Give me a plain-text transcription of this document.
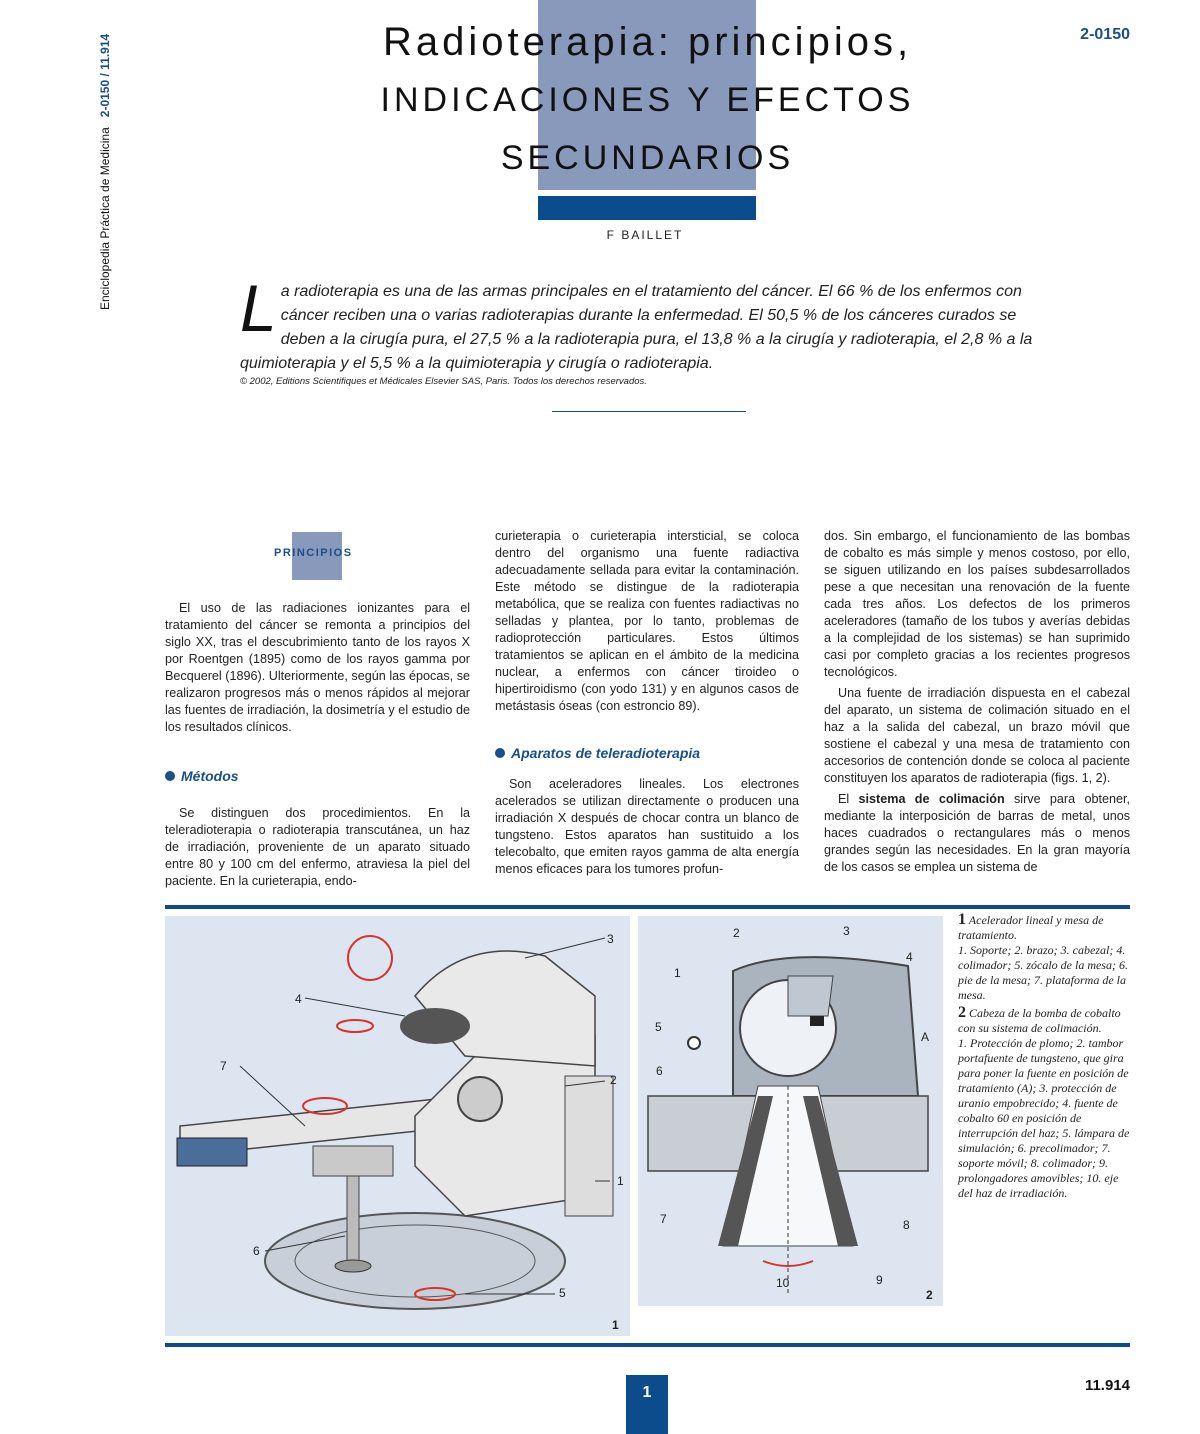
Enciclopedia Práctica de Medicina   2-0150 / 11.914	Radioterapia: principios,
INDICACIONES Y EFECTOS
SECUNDARIOS
2-0150
F BAILLET
L a radioterapia es una de las armas principales en el tratamiento del cáncer. El 66 % de los enfermos con cáncer reciben una o varias radioterapias durante la enfermedad. El 50,5 % de los cánceres curados se deben a la cirugía pura, el 27,5 % a la radioterapia pura, el 13,8 % a la cirugía y radioterapia, el 2,8 % a la quimioterapia y el 5,5 % a la quimioterapia y cirugía o radioterapia.
© 2002, Editions Scientifiques et Médicales Elsevier SAS, Paris. Todos los derechos reservados.
PRINCIPIOS

El uso de las radiaciones ionizantes para el tratamiento del cáncer se remonta a principios del siglo XX, tras el descubrimiento tanto de los rayos X por Roentgen (1895) como de los rayos gamma por Becquerel (1896). Ulteriormente, según las épocas, se realizaron progresos más o menos rápidos al mejorar las fuentes de irradiación, la dosimetría y el estudio de los resultados clínicos.

Métodos

Se distinguen dos procedimientos. En la teleradioterapia o radioterapia transcutánea, un haz de irradiación, proveniente de un aparato situado entre 80 y 100 cm del enfermo, atraviesa la piel del paciente. En la curieterapia, endo-

curieterapia o curieterapia intersticial, se coloca dentro del organismo una fuente radiactiva adecuadamente sellada para evitar la contaminación. Este método se distingue de la radioterapia metabólica, que se realiza con fuentes radiactivas no selladas y plantea, por lo tanto, problemas de radioprotección particulares. Estos últimos tratamientos se aplican en el ámbito de la medicina nuclear, a enfermos con cáncer tiroideo o hipertiroidismo (con yodo 131) y en algunos casos de metástasis óseas (con estroncio 89).

Aparatos de teleradioterapia

Son aceleradores lineales. Los electrones acelerados se utilizan directamente o producen una irradiación X después de chocar contra un blanco de tungsteno. Estos aparatos han sustituido a los telecobalto, que emiten rayos gamma de alta energía menos eficaces para los tumores profun-

dos. Sin embargo, el funcionamiento de las bombas de cobalto es más simple y menos costoso, por ello, se siguen utilizando en los países subdesarrollados pese a que necesitan una renovación de la fuente cada tres años. Los defectos de los primeros aceleradores (tamaño de los tubos y averías debidas a la complejidad de los sistemas) se han suprimido casi por completo gracias a los recientes progresos tecnológicos.

Una fuente de irradiación dispuesta en el cabezal del aparato, un sistema de colimación situado en el haz a la salida del cabezal, un brazo móvil que sostiene el cabezal y una mesa de tratamiento con accesorios de contención donde se coloca al paciente constituyen los aparatos de radioterapia (figs. 1, 2).

El sistema de colimación sirve para obtener, mediante la interposición de barras de metal, unos haces cuadrados o rectangulares más o menos grandes según las necesidades. En la gran mayoría de los casos se emplea un sistema de

3
4
7
2
1
6
5
1
2	3
4
1
5
A
6
7	8
9
10
2
1 Acelerador lineal y mesa de tratamiento.
1. Soporte; 2. brazo; 3. cabezal; 4. colimador; 5. zócalo de la mesa; 6. pie de la mesa; 7. plataforma de la mesa.
2 Cabeza de la bomba de cobalto con su sistema de colimación.
1. Protección de plomo; 2. tambor portafuente de tungsteno, que gira para poner la fuente en posición de tratamiento (A); 3. protección de uranio empobrecido; 4. fuente de cobalto 60 en posición de interrupción del haz; 5. lámpara de simulación; 6. precolimador; 7. soporte móvil; 8. colimador; 9. prolongadores amovibles; 10. eje del haz de irradiación.
1	11.914
